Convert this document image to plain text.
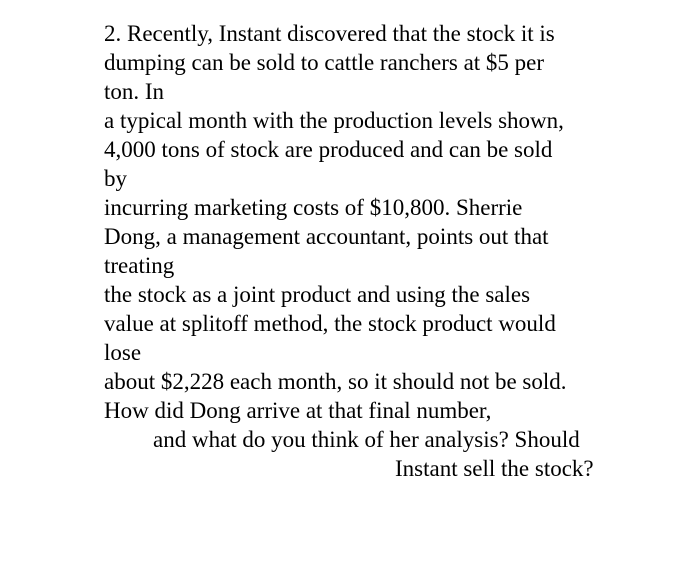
2. Recently, Instant discovered that the stock it is
dumping can be sold to cattle ranchers at $5 per
ton. In
a typical month with the production levels shown,
4,000 tons of stock are produced and can be sold
by
incurring marketing costs of $10,800. Sherrie
Dong, a management accountant, points out that
treating
the stock as a joint product and using the sales
value at splitoff method, the stock product would
lose
about $2,228 each month, so it should not be sold.
How did Dong arrive at that final number,
and what do you think of her analysis? Should
Instant sell the stock?
